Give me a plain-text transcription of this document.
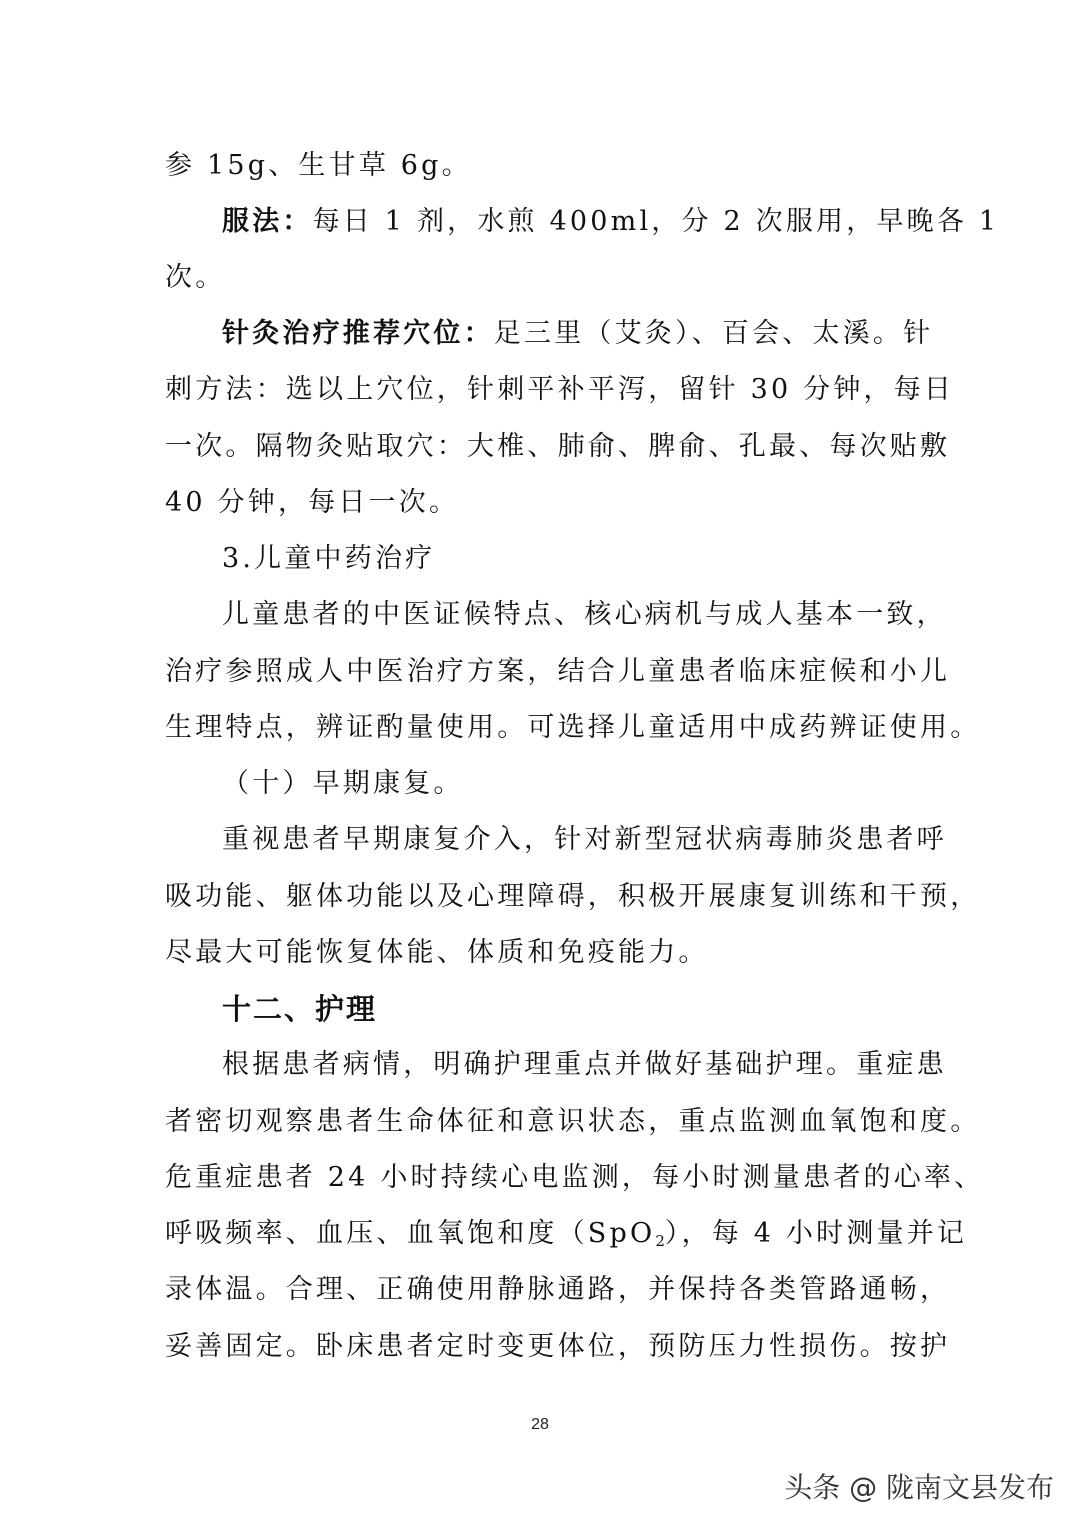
参 15g、生甘草 6g。
服法：每日 1 剂，水煎 400ml，分 2 次服用，早晚各 1
次。
针灸治疗推荐穴位：足三里（艾灸）、百会、太溪。针
刺方法：选以上穴位，针刺平补平泻，留针 30 分钟，每日
一次。隔物灸贴取穴：大椎、肺俞、脾俞、孔最、每次贴敷
40 分钟，每日一次。
3.儿童中药治疗
儿童患者的中医证候特点、核心病机与成人基本一致，
治疗参照成人中医治疗方案，结合儿童患者临床症候和小儿
生理特点，辨证酌量使用。可选择儿童适用中成药辨证使用。
（十）早期康复。
重视患者早期康复介入，针对新型冠状病毒肺炎患者呼
吸功能、躯体功能以及心理障碍，积极开展康复训练和干预，
尽最大可能恢复体能、体质和免疫能力。
十二、护理
根据患者病情，明确护理重点并做好基础护理。重症患
者密切观察患者生命体征和意识状态，重点监测血氧饱和度。
危重症患者 24 小时持续心电监测，每小时测量患者的心率、
呼吸频率、血压、血氧饱和度（SpO$_2$），每 4 小时测量并记
录体温。合理、正确使用静脉通路，并保持各类管路通畅，
妥善固定。卧床患者定时变更体位，预防压力性损伤。按护
28
头条 @ 陇南文县发布
